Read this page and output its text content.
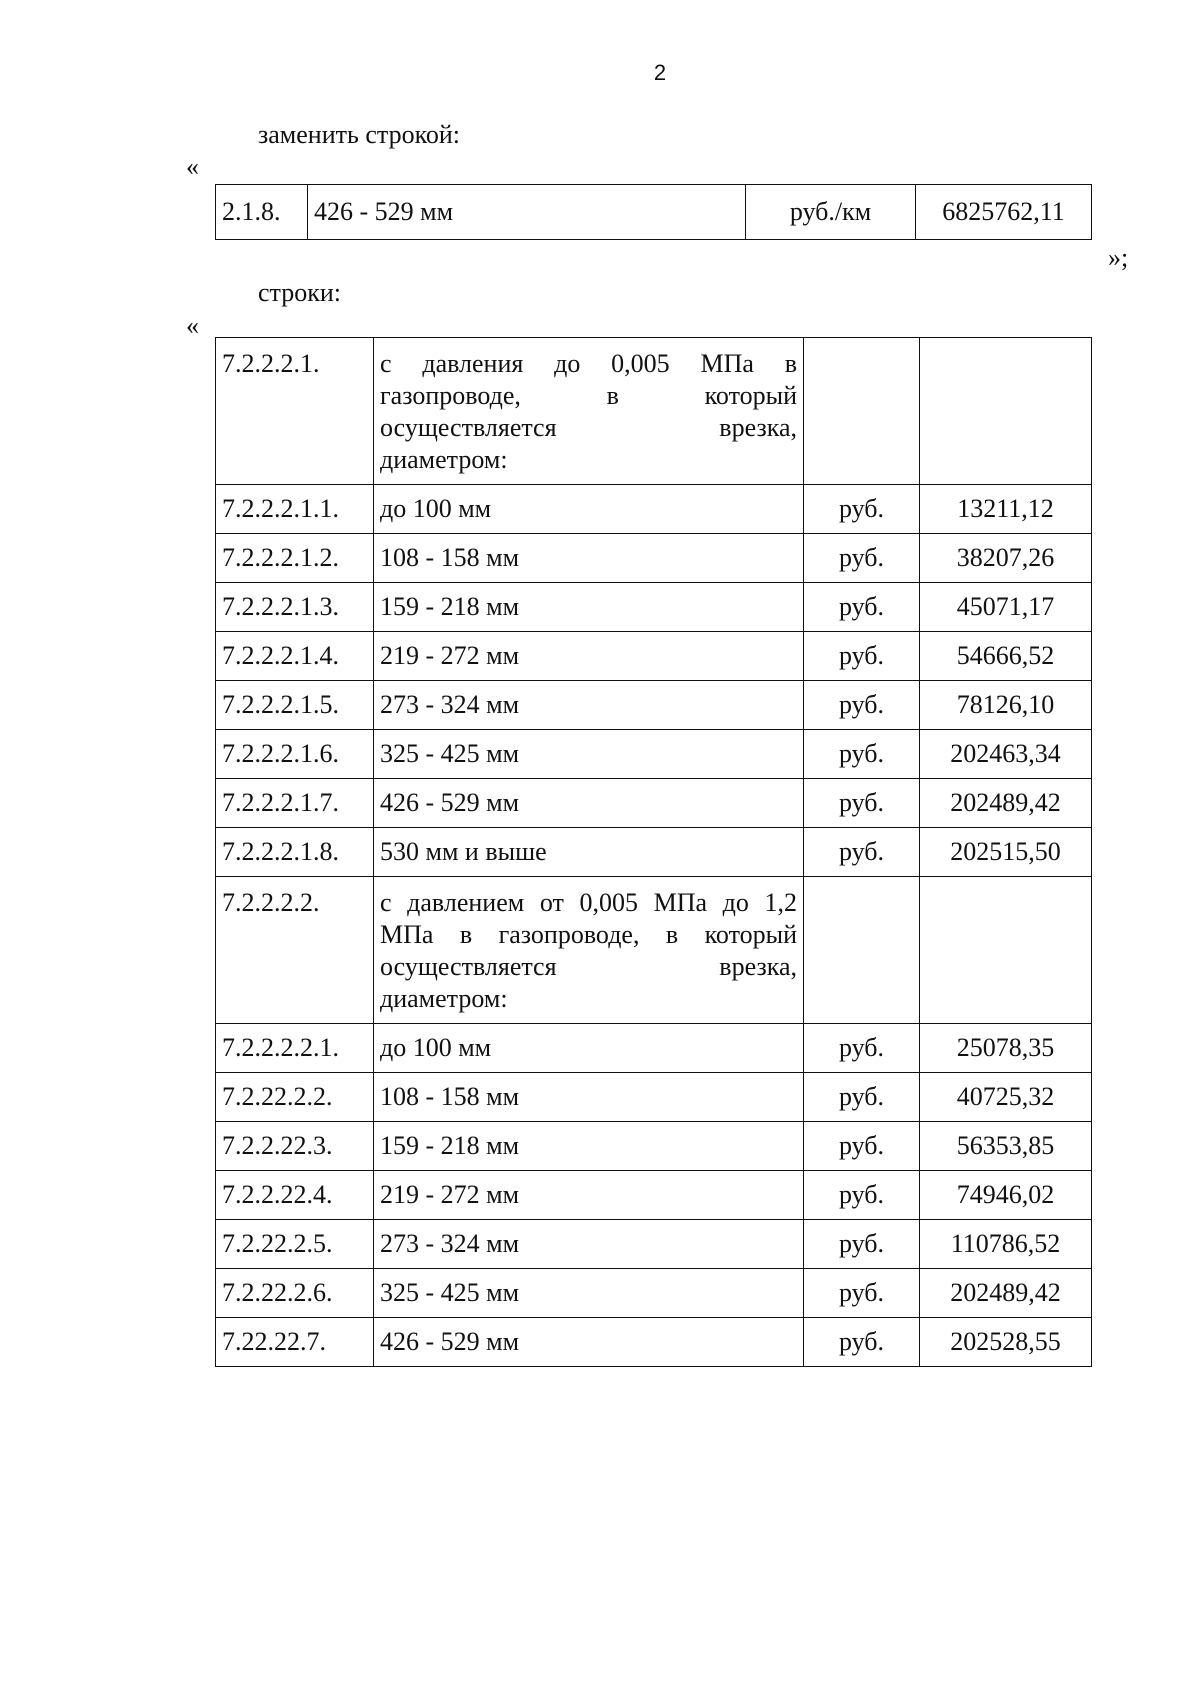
2
заменить строкой:
«
2.1.8.	426 - 529 мм	руб./км	6825762,11
»;
строки:
«
7.2.2.2.1.	с давления до 0,005 МПа в
газопроводе, в который
осуществляется врезка,
диаметром:		

7.2.2.2.1.1.	до 100 мм	руб.	13211,12
7.2.2.2.1.2.	108 - 158 мм	руб.	38207,26
7.2.2.2.1.3.	159 - 218 мм	руб.	45071,17
7.2.2.2.1.4.	219 - 272 мм	руб.	54666,52
7.2.2.2.1.5.	273 - 324 мм	руб.	78126,10
7.2.2.2.1.6.	325 - 425 мм	руб.	202463,34
7.2.2.2.1.7.	426 - 529 мм	руб.	202489,42
7.2.2.2.1.8.	530 мм и выше	руб.	202515,50
7.2.2.2.2.	с давлением от 0,005 МПа до 1,2
МПа в газопроводе, в который
осуществляется врезка,
диаметром:		

7.2.2.2.2.1.	до 100 мм	руб.	25078,35
7.2.22.2.2.	108 - 158 мм	руб.	40725,32
7.2.2.22.3.	159 - 218 мм	руб.	56353,85
7.2.2.22.4.	219 - 272 мм	руб.	74946,02
7.2.22.2.5.	273 - 324 мм	руб.	110786,52
7.2.22.2.6.	325 - 425 мм	руб.	202489,42
7.22.22.7.	426 - 529 мм	руб.	202528,55
